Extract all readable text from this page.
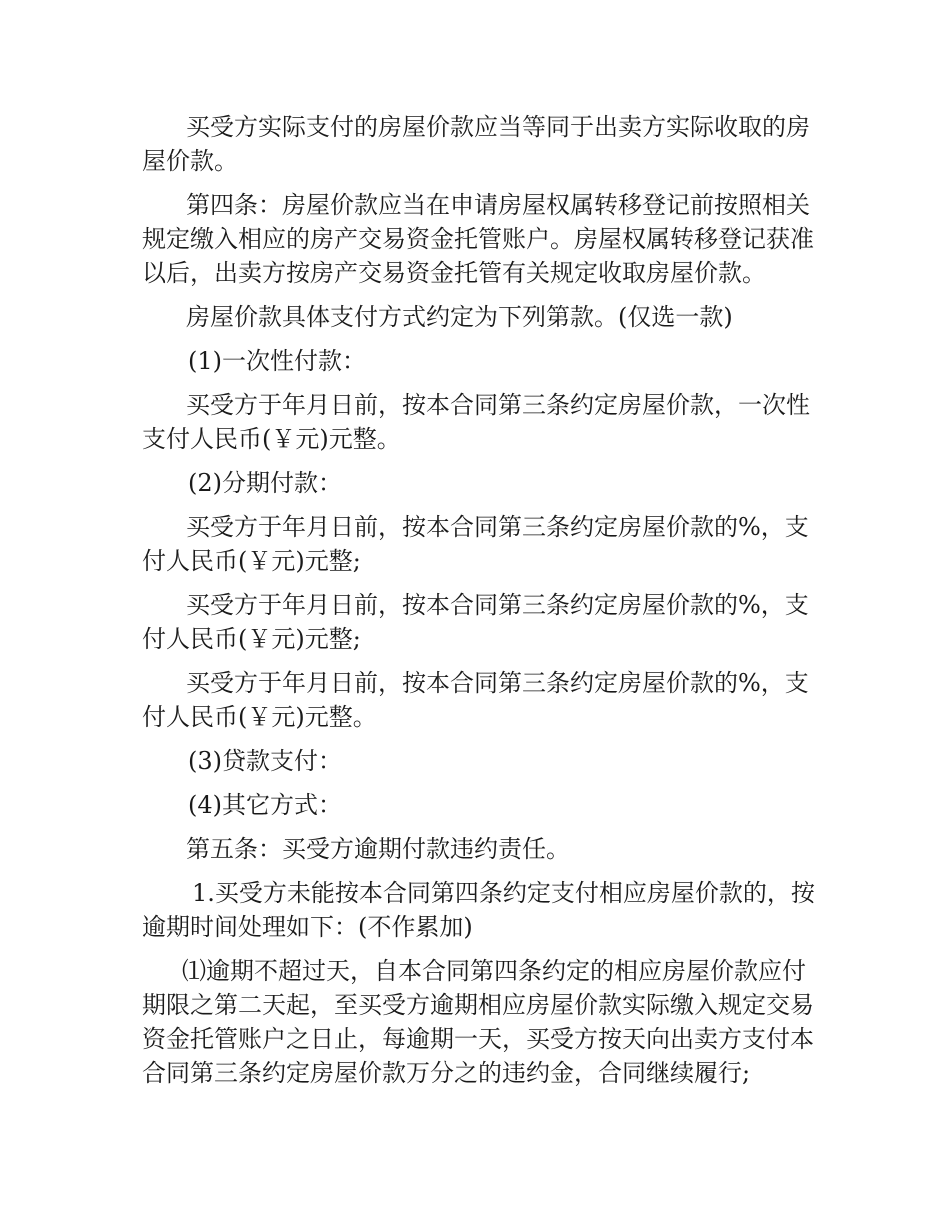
买受方实际支付的房屋价款应当等同于出卖方实际收取的房屋价款。

第四条：房屋价款应当在申请房屋权属转移登记前按照相关规定缴入相应的房产交易资金托管账户。房屋权属转移登记获准以后，出卖方按房产交易资金托管有关规定收取房屋价款。

房屋价款具体支付方式约定为下列第款。(仅选一款)

(1)一次性付款：

买受方于年月日前，按本合同第三条约定房屋价款，一次性支付人民币(￥元)元整。

(2)分期付款：

买受方于年月日前，按本合同第三条约定房屋价款的%，支付人民币(￥元)元整;

买受方于年月日前，按本合同第三条约定房屋价款的%，支付人民币(￥元)元整;

买受方于年月日前，按本合同第三条约定房屋价款的%，支付人民币(￥元)元整。

(3)贷款支付：

(4)其它方式：

第五条：买受方逾期付款违约责任。

1.买受方未能按本合同第四条约定支付相应房屋价款的，按逾期时间处理如下：(不作累加)

⑴逾期不超过天，自本合同第四条约定的相应房屋价款应付期限之第二天起，至买受方逾期相应房屋价款实际缴入规定交易资金托管账户之日止，每逾期一天，买受方按天向出卖方支付本合同第三条约定房屋价款万分之的违约金，合同继续履行;
